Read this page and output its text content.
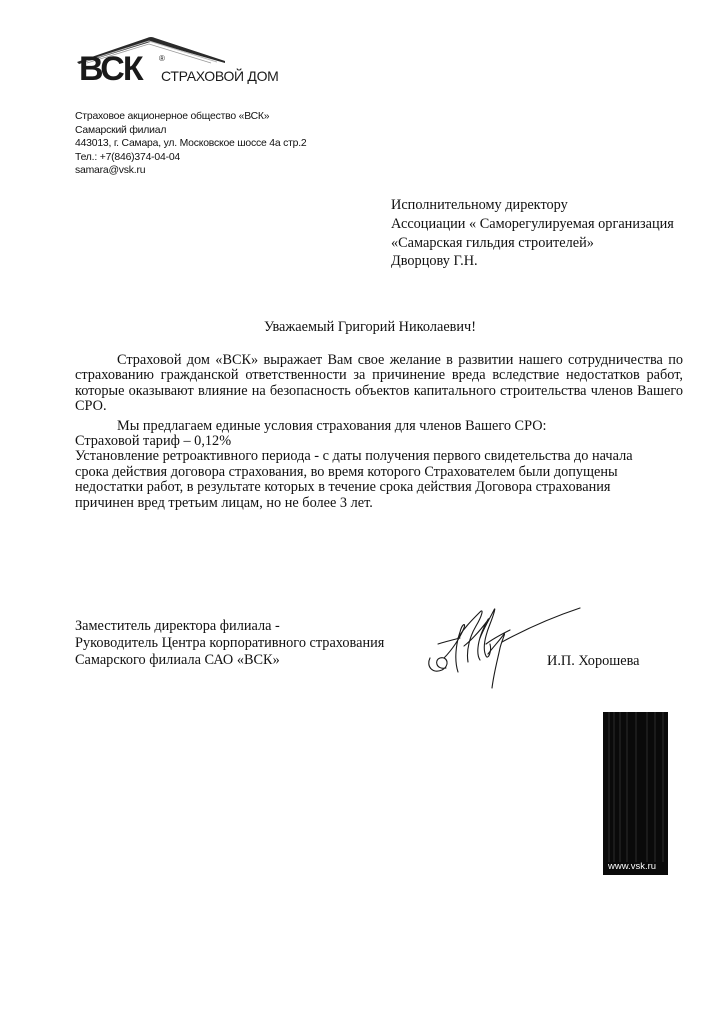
ВСК ®
СТРАХОВОЙ ДОМ
Страховое акционерное общество «ВСК»
Самарский филиал
443013, г. Самара, ул. Московское шоссе 4а стр.2
Тел.: +7(846)374-04-04
samara@vsk.ru
Исполнительному директору
Ассоциации « Саморегулируемая организация
«Самарская гильдия строителей»
Дворцову Г.Н.
Уважаемый Григорий Николаевич!
Страховой дом «ВСК» выражает Вам свое желание в развитии нашего сотрудничества по страхованию гражданской ответственности за причинение вреда вследствие недостатков работ, которые оказывают влияние на безопасность объектов капитального строительства членов Вашего СРО.
Мы предлагаем единые условия страхования для членов Вашего СРО:
Страховой тариф – 0,12%
Установление ретроактивного периода - с даты получения первого свидетельства до начала
срока действия договора страхования, во время которого Страхователем были допущены
недостатки работ, в результате которых в течение срока действия Договора страхования
причинен вред третьим лицам, но не более 3 лет.
Заместитель директора филиала -
Руководитель Центра корпоративного страхования
Самарского филиала САО «ВСК»	И.П. Хорошева
www.vsk.ru
